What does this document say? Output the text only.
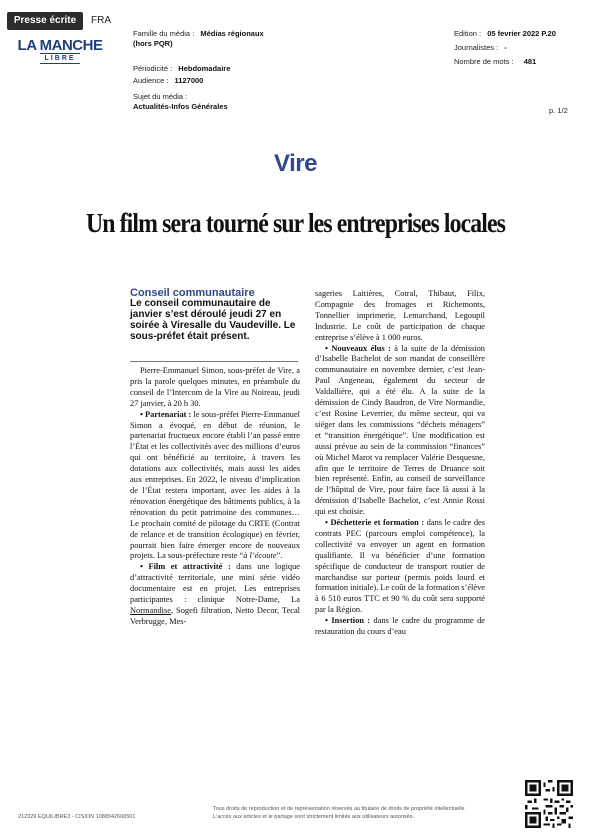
Presse écrite	FRA
LA MANCHE
LIBRE
Famille du média : Médias régionaux
(hors PQR)
Périodicité : Hebdomadaire
Audience : 1127000
Sujet du média :
Actualités-Infos Générales
Edition : 05 fevrier 2022 P.20
Journalistes : -
Nombre de mots : 481
p. 1/2
Vire
Un film sera tourné sur les entreprises locales
Conseil communautaire
Le conseil communautaire de janvier s’est déroulé jeudi 27 en soirée à Viresalle du Vaudeville. Le sous-préfet était présent.

Pierre-Emmanuel Simon, sous-préfet de Vire, a pris la parole quelques minutes, en préambule du conseil de l’Intercom de la Vire au Noireau, jeudi 27 janvier, à 20 h 30.

• Partenariat : le sous-préfet Pierre-Emmanuel Simon a évoqué, en début de réunion, le partenariat fructueux encore établi l’an passé entre l’État et les collectivités avec des millions d’euros qui ont bénéficié au territoire, à travers les dotations aux collectivités, mais aussi les aides aux entreprises. En 2022, le niveau d’implication de l’État restera important, avec les aides à la rénovation énergétique des bâtiments publics, à la rénovation du petit patrimoine des communes… Le prochain comité de pilotage du CRTE (Contrat de relance et de transition écologique) en février, pourrait bien faire émerger encore de nouveaux projets. La sous-préfecture reste “à l’écoute”.

• Film et attractivité : dans une logique d’attractivité territoriale, une mini série vidéo documentaire est en projet. Les entreprises participantes : clinique Notre-Dame, La Normandise, Sogefi filtration, Netto Decor, Tecal Verbrugge, Mes-

sageries Laitières, Cotral, Thibaut, Filix, Compagnie des fromages et Richemonts, Tonnellier imprimerie, Lemarchand, Legoupil Industrie. Le coût de participation de chaque entreprise s’élève à 1 000 euros.

• Nouveaux élus : à la suite de la démission d’Isabelle Bachelot de son mandat de conseillère communautaire en novembre dernier, c’est Jean-Paul Angeneau, également du secteur de Valdallière, qui a été élu. A la suite de la démission de Cindy Baudron, de Vire Normandie, c’est Rosine Leverrier, du même secteur, qui va siéger dans les commissions “déchets ménagers” et “transition énergétique”. Une modification est aussi prévue au sein de la commission “finances” où Michel Marot va remplacer Valérie Desquesne, afin que le territoire de Terres de Druance soit bien représenté. Enfin, au conseil de surveillance de l’hôpital de Vire, pour faire face là aussi à la démission d’Isabelle Bachelot, c’est Annie Rossi qui est choisie.

• Déchetterie et formation : dans le cadre des contrats PEC (parcours emploi compétence), la collectivité va envoyer un agent en formation qualifiante. Il va bénéficier d’une formation spécifique de conducteur de transport routier de marchandise sur porteur (permis poids lourd et formation initiale). Le coût de la formation s’élève à 6 510 euros TTC et 90 % du coût sera supporté par la Région.

• Insertion : dans le cadre du programme de restauration du cours d’eau

212329 EQUILIBRE3 - CISION 1088942600501
Tous droits de reproduction et de représentation réservés au titulaire de droits de propriété intellectuelle
L'accès aux articles et le partage sont strictement limités aux utilisateurs autorisés.
